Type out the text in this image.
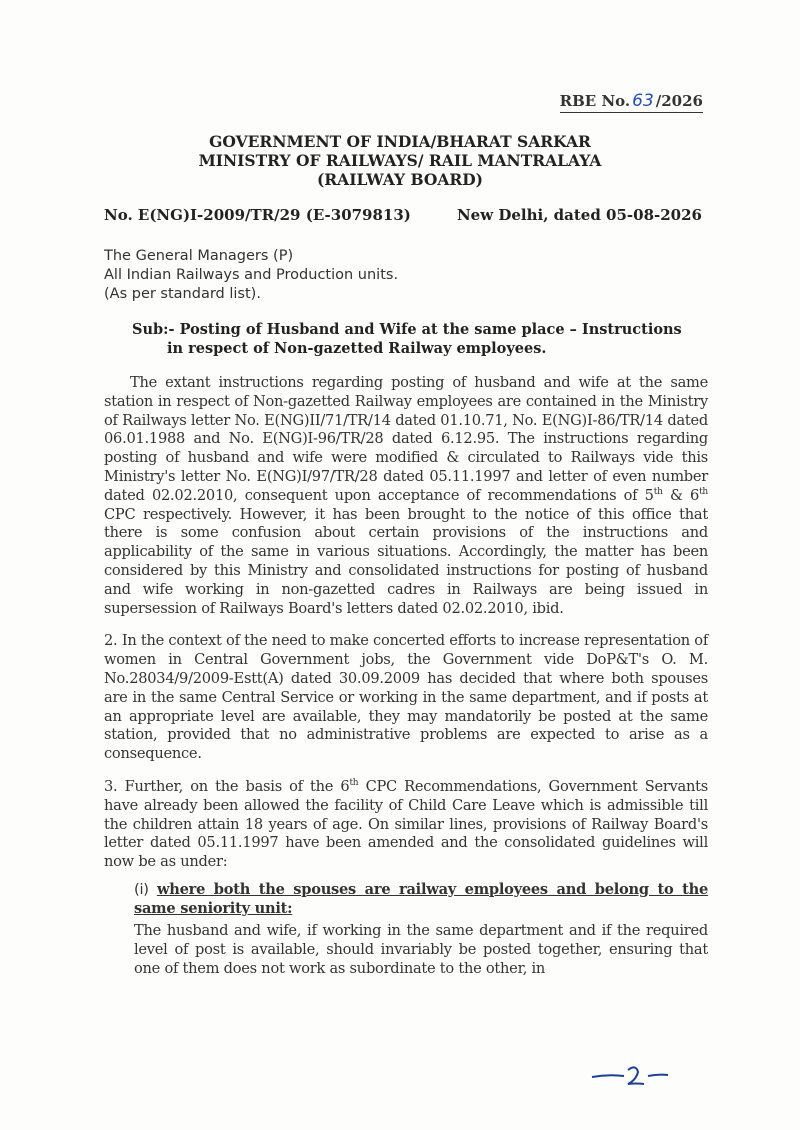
RBE No. 63 /2026
GOVERNMENT OF INDIA/BHARAT SARKAR
MINISTRY OF RAILWAYS/ RAIL MANTRALAYA
(RAILWAY BOARD)
No. E(NG)I-2009/TR/29 (E-3079813)	New Delhi, dated 05-08-2026
The General Managers (P)
All Indian Railways and Production units.
(As per standard list).
Sub:- Posting of Husband and Wife at the same place – Instructions
in respect of Non-gazetted Railway employees.

The extant instructions regarding posting of husband and wife at the same station in respect of Non-gazetted Railway employees are contained in the Ministry of Railways letter No. E(NG)II/71/TR/14 dated 01.10.71, No. E(NG)I-86/TR/14 dated 06.01.1988 and No. E(NG)I-96/TR/28 dated 6.12.95. The instructions regarding posting of husband and wife were modified & circulated to Railways vide this Ministry's letter No. E(NG)I/97/TR/28 dated 05.11.1997 and letter of even number dated 02.02.2010, consequent upon acceptance of recommendations of 5th & 6th CPC respectively. However, it has been brought to the notice of this office that there is some confusion about certain provisions of the instructions and applicability of the same in various situations. Accordingly, the matter has been considered by this Ministry and consolidated instructions for posting of husband and wife working in non-gazetted cadres in Railways are being issued in supersession of Railways Board's letters dated 02.02.2010, ibid.

2. In the context of the need to make concerted efforts to increase representation of women in Central Government jobs, the Government vide DoP&T's O. M. No.28034/9/2009-Estt(A) dated 30.09.2009 has decided that where both spouses are in the same Central Service or working in the same department, and if posts at an appropriate level are available, they may mandatorily be posted at the same station, provided that no administrative problems are expected to arise as a consequence.

3. Further, on the basis of the 6th CPC Recommendations, Government Servants have already been allowed the facility of Child Care Leave which is admissible till the children attain 18 years of age. On similar lines, provisions of Railway Board's letter dated 05.11.1997 have been amended and the consolidated guidelines will now be as under:

(i) where both the spouses are railway employees and belong to the same seniority unit:
The husband and wife, if working in the same department and if the required level of post is available, should invariably be posted together, ensuring that one of them does not work as subordinate to the other, in
2
